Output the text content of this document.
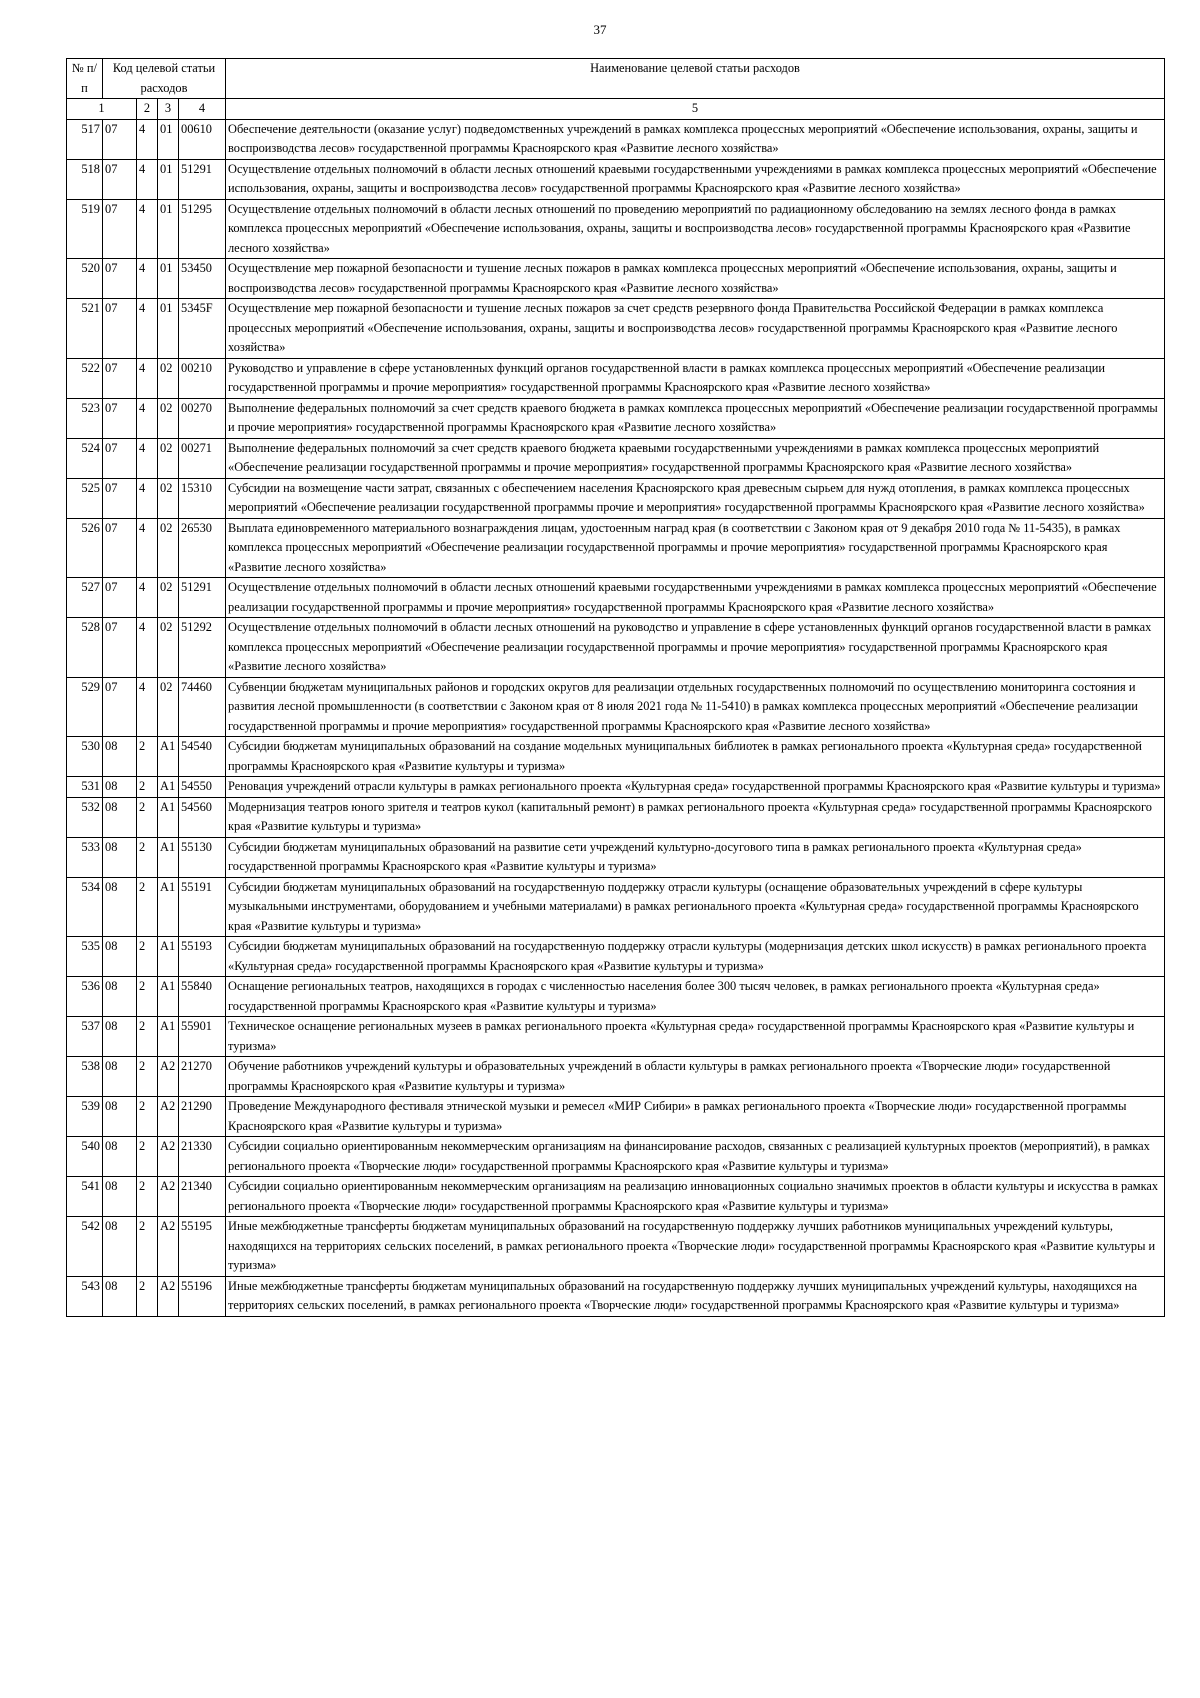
37
№ п/п	Код целевой статьи расходов				Наименование целевой статьи расходов

1		2	3	4	5
517	07	4	01	00610	Обеспечение деятельности (оказание услуг) подведомственных учреждений в рамках комплекса процессных мероприятий «Обеспечение использования, охраны, защиты и воспроизводства лесов» государственной программы Красноярского края «Развитие лесного хозяйства»
518	07	4	01	51291	Осуществление отдельных полномочий в области лесных отношений краевыми государственными учреждениями в рамках комплекса процессных мероприятий «Обеспечение использования, охраны, защиты и воспроизводства лесов» государственной программы Красноярского края «Развитие лесного хозяйства»
519	07	4	01	51295	Осуществление отдельных полномочий в области лесных отношений по проведению мероприятий по радиационному обследованию на землях лесного фонда в рамках комплекса процессных мероприятий «Обеспечение использования, охраны, защиты и воспроизводства лесов» государственной программы Красноярского края «Развитие лесного хозяйства»
520	07	4	01	53450	Осуществление мер пожарной безопасности и тушение лесных пожаров в рамках комплекса процессных мероприятий «Обеспечение использования, охраны, защиты и воспроизводства лесов» государственной программы Красноярского края «Развитие лесного хозяйства»
521	07	4	01	5345F	Осуществление мер пожарной безопасности и тушение лесных пожаров за счет средств резервного фонда Правительства Российской Федерации в рамках комплекса процессных мероприятий «Обеспечение использования, охраны, защиты и воспроизводства лесов» государственной программы Красноярского края «Развитие лесного хозяйства»
522	07	4	02	00210	Руководство и управление в сфере установленных функций органов государственной власти в рамках комплекса процессных мероприятий «Обеспечение реализации государственной программы и прочие мероприятия» государственной программы Красноярского края «Развитие лесного хозяйства»
523	07	4	02	00270	Выполнение федеральных полномочий за счет средств краевого бюджета в рамках комплекса процессных мероприятий «Обеспечение реализации государственной программы и прочие мероприятия» государственной программы Красноярского края «Развитие лесного хозяйства»
524	07	4	02	00271	Выполнение федеральных полномочий за счет средств краевого бюджета краевыми государственными учреждениями в рамках комплекса процессных мероприятий «Обеспечение реализации государственной программы и прочие мероприятия» государственной программы Красноярского края «Развитие лесного хозяйства»
525	07	4	02	15310	Субсидии на возмещение части затрат, связанных с обеспечением населения Красноярского края древесным сырьем для нужд отопления, в рамках комплекса процессных мероприятий «Обеспечение реализации государственной программы прочие и мероприятия» государственной программы Красноярского края «Развитие лесного хозяйства»
526	07	4	02	26530	Выплата единовременного материального вознаграждения лицам, удостоенным наград края (в соответствии с Законом края от 9 декабря 2010 года № 11-5435), в рамках комплекса процессных мероприятий «Обеспечение реализации государственной программы и прочие мероприятия» государственной программы Красноярского края «Развитие лесного хозяйства»
527	07	4	02	51291	Осуществление отдельных полномочий в области лесных отношений краевыми государственными учреждениями в рамках комплекса процессных мероприятий «Обеспечение реализации государственной программы и прочие мероприятия» государственной программы Красноярского края «Развитие лесного хозяйства»
528	07	4	02	51292	Осуществление отдельных полномочий в области лесных отношений на руководство и управление в сфере установленных функций органов государственной власти в рамках комплекса процессных мероприятий «Обеспечение реализации государственной программы и прочие мероприятия» государственной программы Красноярского края «Развитие лесного хозяйства»
529	07	4	02	74460	Субвенции бюджетам муниципальных районов и городских округов для реализации отдельных государственных полномочий по осуществлению мониторинга состояния и развития лесной промышленности (в соответствии с Законом края от 8 июля 2021 года № 11-5410) в рамках комплекса процессных мероприятий «Обеспечение реализации государственной программы и прочие мероприятия» государственной программы Красноярского края «Развитие лесного хозяйства»
530	08	2	А1	54540	Субсидии бюджетам муниципальных образований на создание модельных муниципальных библиотек в рамках регионального проекта «Культурная среда» государственной программы Красноярского края «Развитие культуры и туризма»
531	08	2	А1	54550	Реновация учреждений отрасли культуры в рамках регионального проекта «Культурная среда» государственной программы Красноярского края «Развитие культуры и туризма»
532	08	2	А1	54560	Модернизация театров юного зрителя и театров кукол (капитальный ремонт) в рамках регионального проекта «Культурная среда» государственной программы Красноярского края «Развитие культуры и туризма»
533	08	2	А1	55130	Субсидии бюджетам муниципальных образований на развитие сети учреждений культурно-досугового типа в рамках регионального проекта «Культурная среда» государственной программы Красноярского края «Развитие культуры и туризма»
534	08	2	А1	55191	Субсидии бюджетам муниципальных образований на государственную поддержку отрасли культуры (оснащение образовательных учреждений в сфере культуры музыкальными инструментами, оборудованием и учебными материалами) в рамках регионального проекта «Культурная среда» государственной программы Красноярского края «Развитие культуры и туризма»
535	08	2	А1	55193	Субсидии бюджетам муниципальных образований на государственную поддержку отрасли культуры (модернизация детских школ искусств) в рамках регионального проекта «Культурная среда» государственной программы Красноярского края «Развитие культуры и туризма»
536	08	2	А1	55840	Оснащение региональных театров, находящихся в городах с численностью населения более 300 тысяч человек, в рамках регионального проекта «Культурная среда» государственной программы Красноярского края «Развитие культуры и туризма»
537	08	2	А1	55901	Техническое оснащение региональных музеев в рамках регионального проекта «Культурная среда» государственной программы Красноярского края «Развитие культуры и туризма»
538	08	2	А2	21270	Обучение работников учреждений культуры и образовательных учреждений в области культуры в рамках регионального проекта «Творческие люди» государственной программы Красноярского края «Развитие культуры и туризма»
539	08	2	А2	21290	Проведение Международного фестиваля этнической музыки и ремесел «МИР Сибири» в рамках регионального проекта «Творческие люди» государственной программы Красноярского края «Развитие культуры и туризма»
540	08	2	А2	21330	Субсидии социально ориентированным некоммерческим организациям на финансирование расходов, связанных с реализацией культурных проектов (мероприятий), в рамках регионального проекта «Творческие люди» государственной программы Красноярского края «Развитие культуры и туризма»
541	08	2	А2	21340	Субсидии социально ориентированным некоммерческим организациям на реализацию инновационных социально значимых проектов в области культуры и искусства в рамках регионального проекта «Творческие люди» государственной программы Красноярского края «Развитие культуры и туризма»
542	08	2	А2	55195	Иные межбюджетные трансферты бюджетам муниципальных образований на государственную поддержку лучших работников муниципальных учреждений культуры, находящихся на территориях сельских поселений, в рамках регионального проекта «Творческие люди» государственной программы Красноярского края «Развитие культуры и туризма»
543	08	2	А2	55196	Иные межбюджетные трансферты бюджетам муниципальных образований на государственную поддержку лучших муниципальных учреждений культуры, находящихся на территориях сельских поселений, в рамках регионального проекта «Творческие люди» государственной программы Красноярского края «Развитие культуры и туризма»
